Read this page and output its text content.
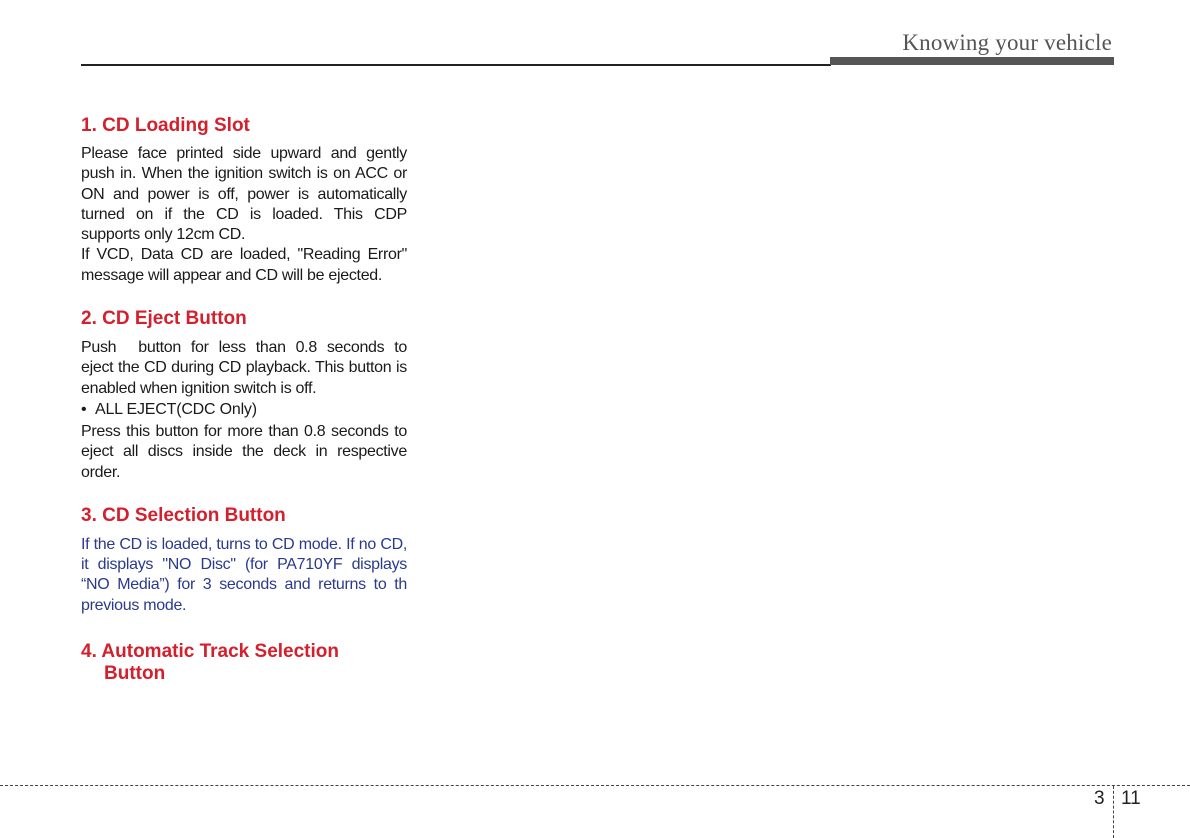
Knowing your vehicle
1. CD Loading Slot

Please face printed side upward and gently push in. When the ignition switch is on ACC or ON and power is off, power is automatically turned on if the CD is loaded. This CDP supports only 12cm CD.

If VCD, Data CD are loaded, "Reading Error" message will appear and CD will be ejected.

2. CD Eject Button

Push button for less than 0.8 seconds to eject the CD during CD playback. This button is enabled when ignition switch is off.

• ALL EJECT(CDC Only)

Press this button for more than 0.8 seconds to eject all discs inside the deck in respective order.

3. CD Selection Button

If the CD is loaded, turns to CD mode. If no CD, it displays "NO Disc" (for PA710YF displays “NO Media”) for 3 seconds and returns to th previous mode.

4. Automatic Track Selection
Button
3 11
